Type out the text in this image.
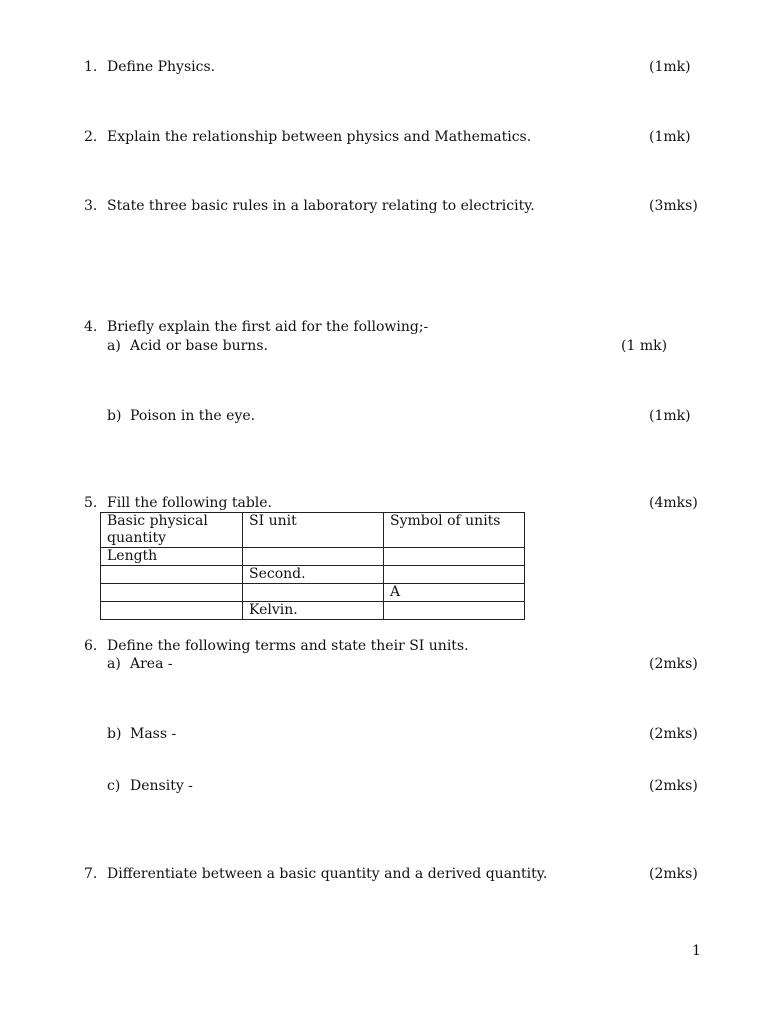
1. Define Physics.	(1mk)
2. Explain the relationship between physics and Mathematics.	(1mk)
3. State three basic rules in a laboratory relating to electricity.	(3mks)
4. Briefly explain the first aid for the following;-
a) Acid or base burns.	(1 mk)
b) Poison in the eye.	(1mk)
5. Fill the following table.	(4mks)
Basic physical quantity	SI unit	Symbol of units
Length		
	Second.	
		A
	Kelvin.	
6. Define the following terms and state their SI units.
a) Area -	(2mks)
b) Mass -	(2mks)
c) Density -	(2mks)
7. Differentiate between a basic quantity and a derived quantity.	(2mks)
1
